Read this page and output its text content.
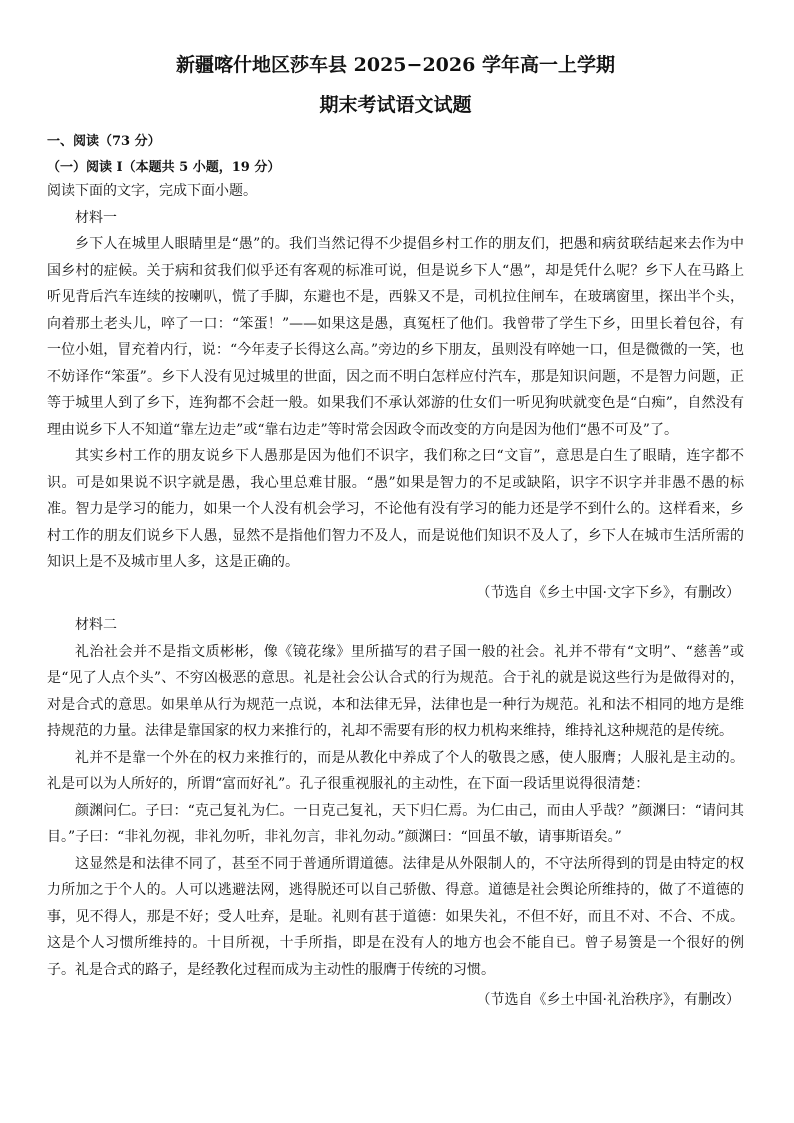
新疆喀什地区莎车县 2025−2026 学年高一上学期
期末考试语文试题
一、阅读（73 分）
（一）阅读 I（本题共 5 小题，19 分）
阅读下面的文字，完成下面小题。
材料一

乡下人在城里人眼睛里是“愚”的。我们当然记得不少提倡乡村工作的朋友们，把愚和病贫联结起来去作为中国乡村的症候。关于病和贫我们似乎还有客观的标准可说，但是说乡下人“愚”，却是凭什么呢？乡下人在马路上听见背后汽车连续的按喇叭，慌了手脚，东避也不是，西躲又不是，司机拉住闸车，在玻璃窗里，探出半个头，向着那土老头儿，啐了一口：“笨蛋！”——如果这是愚，真冤枉了他们。我曾带了学生下乡，田里长着包谷，有一位小姐，冒充着内行，说：“今年麦子长得这么高。”旁边的乡下朋友，虽则没有啐她一口，但是微微的一笑，也不妨译作“笨蛋”。乡下人没有见过城里的世面，因之而不明白怎样应付汽车，那是知识问题，不是智力问题，正等于城里人到了乡下，连狗都不会赶一般。如果我们不承认郊游的仕女们一听见狗吠就变色是“白痴”，自然没有理由说乡下人不知道“靠左边走”或“靠右边走”等时常会因政令而改变的方向是因为他们“愚不可及”了。

其实乡村工作的朋友说乡下人愚那是因为他们不识字，我们称之曰“文盲”，意思是白生了眼睛，连字都不识。可是如果说不识字就是愚，我心里总难甘服。“愚”如果是智力的不足或缺陷，识字不识字并非愚不愚的标准。智力是学习的能力，如果一个人没有机会学习，不论他有没有学习的能力还是学不到什么的。这样看来，乡村工作的朋友们说乡下人愚，显然不是指他们智力不及人，而是说他们知识不及人了，乡下人在城市生活所需的知识上是不及城市里人多，这是正确的。

（节选自《乡土中国·文字下乡》，有删改）
材料二

礼治社会并不是指文质彬彬，像《镜花缘》里所描写的君子国一般的社会。礼并不带有“文明”、“慈善”或是“见了人点个头”、不穷凶极恶的意思。礼是社会公认合式的行为规范。合于礼的就是说这些行为是做得对的，对是合式的意思。如果单从行为规范一点说，本和法律无异，法律也是一种行为规范。礼和法不相同的地方是维持规范的力量。法律是靠国家的权力来推行的，礼却不需要有形的权力机构来维持，维持礼这种规范的是传统。

礼并不是靠一个外在的权力来推行的，而是从教化中养成了个人的敬畏之感，使人服膺；人服礼是主动的。礼是可以为人所好的，所谓“富而好礼”。孔子很重视服礼的主动性，在下面一段话里说得很清楚：

颜渊问仁。子曰：“克己复礼为仁。一日克己复礼，天下归仁焉。为仁由己，而由人乎哉？”颜渊曰：“请问其目。”子曰：“非礼勿视，非礼勿听，非礼勿言，非礼勿动。”颜渊曰：“回虽不敏，请事斯语矣。”

这显然是和法律不同了，甚至不同于普通所谓道德。法律是从外限制人的，不守法所得到的罚是由特定的权力所加之于个人的。人可以逃避法网，逃得脱还可以自己骄傲、得意。道德是社会舆论所维持的，做了不道德的事，见不得人，那是不好；受人吐弃，是耻。礼则有甚于道德：如果失礼，不但不好，而且不对、不合、不成。这是个人习惯所维持的。十目所视，十手所指，即是在没有人的地方也会不能自已。曾子易箦是一个很好的例子。礼是合式的路子，是经教化过程而成为主动性的服膺于传统的习惯。

（节选自《乡土中国·礼治秩序》，有删改）
